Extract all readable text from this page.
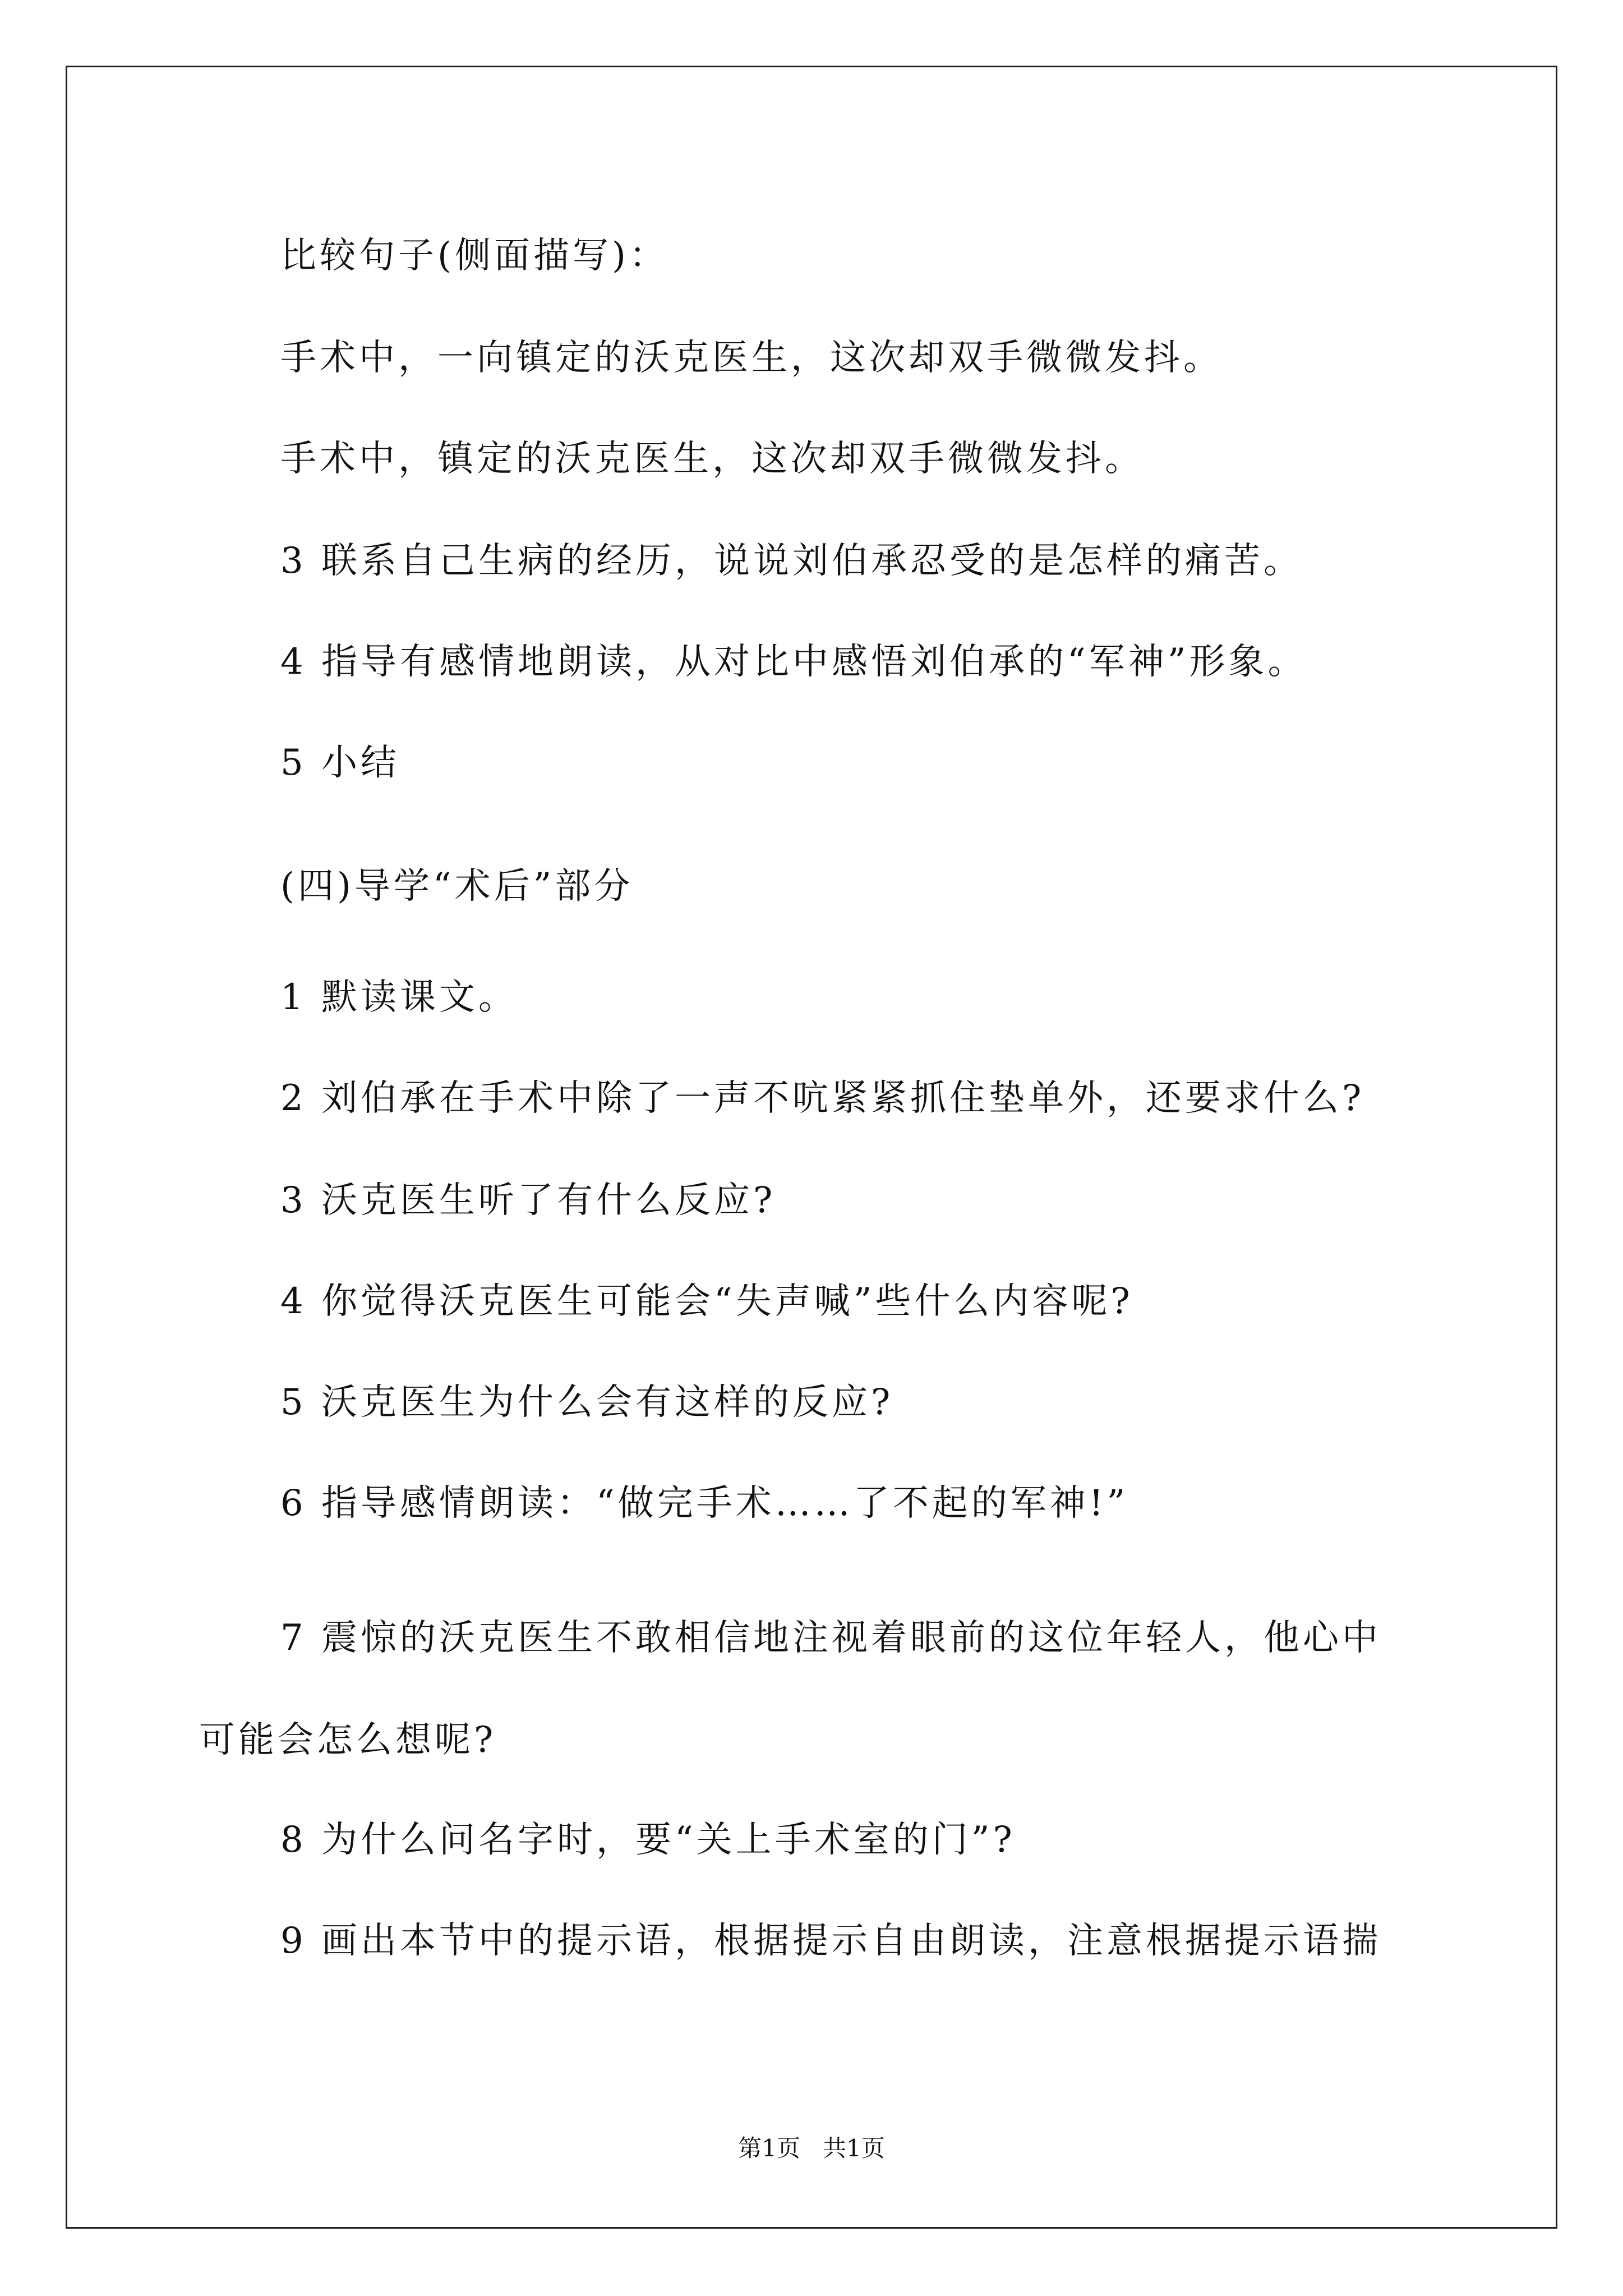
比较句子(侧面描写)：
手术中，一向镇定的沃克医生，这次却双手微微发抖。
手术中，镇定的沃克医生，这次却双手微微发抖。
3 联系自己生病的经历，说说刘伯承忍受的是怎样的痛苦。
4 指导有感情地朗读，从对比中感悟刘伯承的“军神”形象。
5 小结
(四)导学“术后”部分
1 默读课文。
2 刘伯承在手术中除了一声不吭紧紧抓住垫单外，还要求什么?
3 沃克医生听了有什么反应?
4 你觉得沃克医生可能会“失声喊”些什么内容呢?
5 沃克医生为什么会有这样的反应?
6 指导感情朗读：“做完手术……了不起的军神!”
7 震惊的沃克医生不敢相信地注视着眼前的这位年轻人，他心中
可能会怎么想呢?
8 为什么问名字时，要“关上手术室的门”?
9 画出本节中的提示语，根据提示自由朗读，注意根据提示语揣
第1页   共1页
